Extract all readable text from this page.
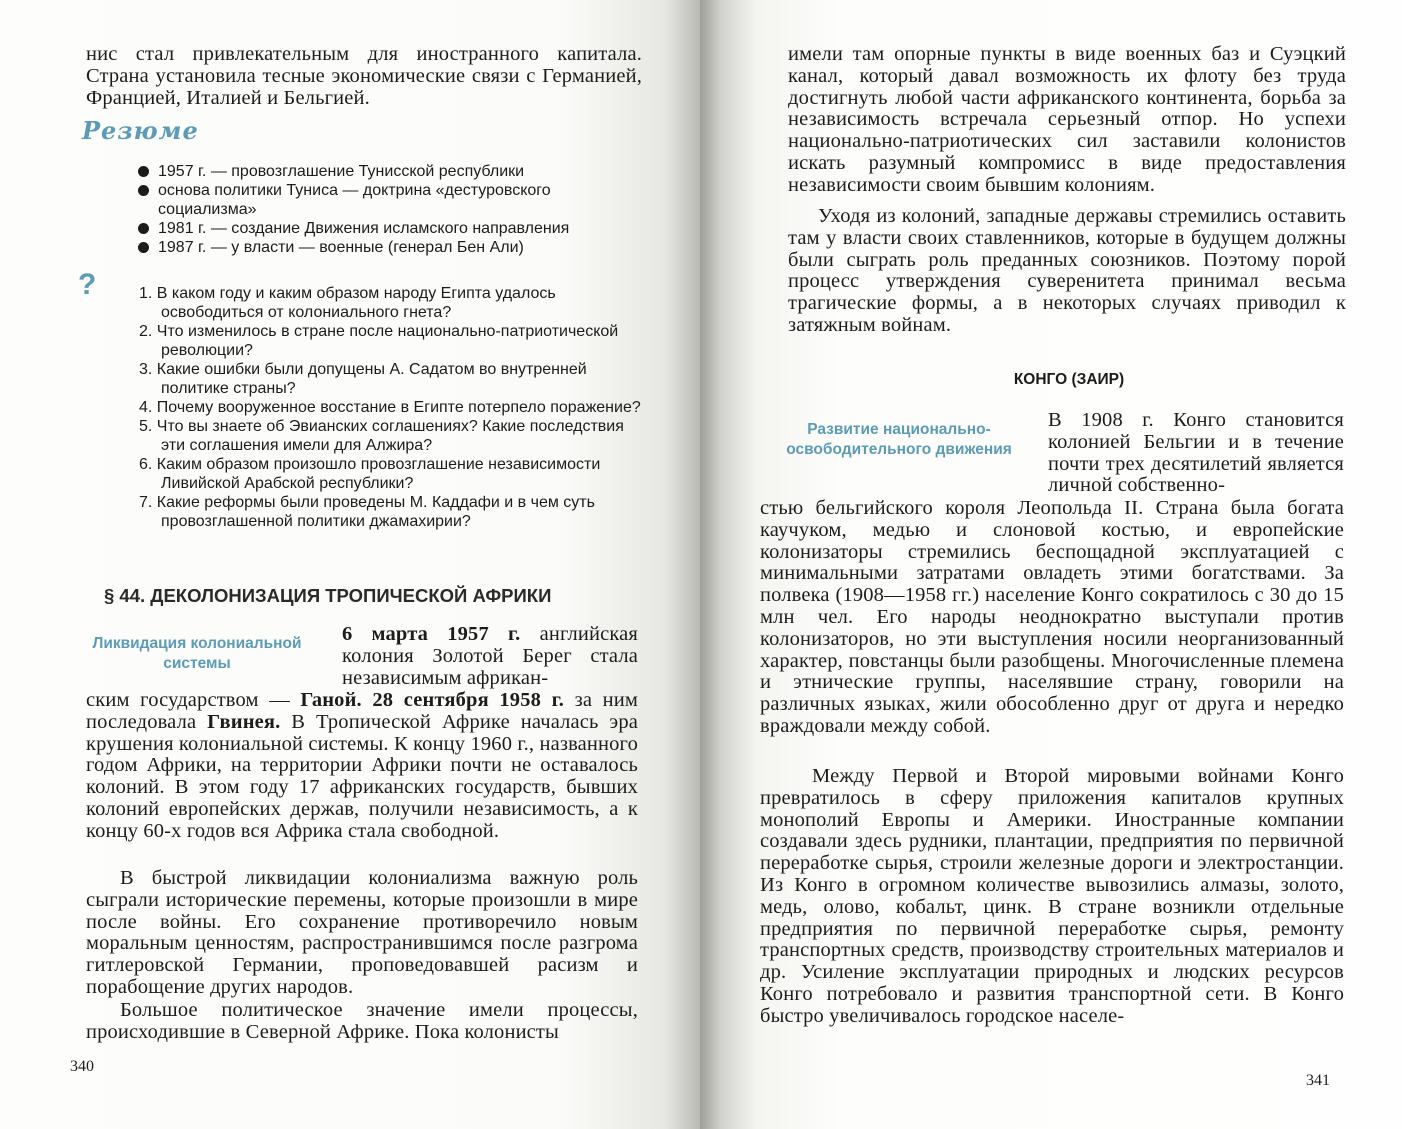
нис стал привлекательным для иностранного капитала. Страна установила тесные экономические связи с Германией, Францией, Италией и Бельгией.
Резюме
1957 г. — провозглашение Тунисской республики
основа политики Туниса — доктрина «дестуровского социализма»
1981 г. — создание Движения исламского направления
1987 г. — у власти — военные (генерал Бен Али)
?	1. В каком году и каким образом народу Египта удалось освободиться от колониального гнета?
2. Что изменилось в стране после национально-патриотической революции?
3. Какие ошибки были допущены А. Садатом во внутренней политике страны?
4. Почему вооруженное восстание в Египте потерпело поражение?
5. Что вы знаете об Эвианских соглашениях? Какие последствия эти соглашения имели для Алжира?
6. Каким образом произошло провозглашение независимости Ливийской Арабской республики?
7. Какие реформы были проведены М. Каддафи и в чем суть провозглашенной политики джамахирии?
§ 44. ДЕКОЛОНИЗАЦИЯ ТРОПИЧЕСКОЙ АФРИКИ
Ликвидация колониальной системы
6 марта 1957 г. английская колония Золотой Берег стала независимым африкан-
ским государством — Ганой. 28 сентября 1958 г. за ним последовала Гвинея. В Тропической Африке началась эра крушения колониальной системы. К концу 1960 г., названного годом Африки, на территории Африки почти не оставалось колоний. В этом году 17 африканских государств, бывших колоний европейских держав, получили независимость, а к концу 60-х годов вся Африка стала свободной.
В быстрой ликвидации колониализма важную роль сыграли исторические перемены, которые произошли в мире после войны. Его сохранение противоречило новым моральным ценностям, распространившимся после разгрома гитлеровской Германии, проповедовавшей расизм и порабощение других народов.
Большое политическое значение имели процессы, происходившие в Северной Африке. Пока колонисты
340
имели там опорные пункты в виде военных баз и Суэцкий канал, который давал возможность их флоту без труда достигнуть любой части африканского континента, борьба за независимость встречала серьезный отпор. Но успехи национально-патриотических сил заставили колонистов искать разумный компромисс в виде предоставления независимости своим бывшим колониям.
Уходя из колоний, западные державы стремились оставить там у власти своих ставленников, которые в будущем должны были сыграть роль преданных союзников. Поэтому порой процесс утверждения суверенитета принимал весьма трагические формы, а в некоторых случаях приводил к затяжным войнам.
КОНГО (ЗАИР)
Развитие национально-освободительного движения
В 1908 г. Конго становится колонией Бельгии и в течение почти трех десятилетий является личной собственно-
стью бельгийского короля Леопольда II. Страна была богата каучуком, медью и слоновой костью, и европейские колонизаторы стремились беспощадной эксплуатацией с минимальными затратами овладеть этими богатствами. За полвека (1908—1958 гг.) население Конго сократилось с 30 до 15 млн чел. Его народы неоднократно выступали против колонизаторов, но эти выступления носили неорганизованный характер, повстанцы были разобщены. Многочисленные племена и этнические группы, населявшие страну, говорили на различных языках, жили обособленно друг от друга и нередко враждовали между собой.
Между Первой и Второй мировыми войнами Конго превратилось в сферу приложения капиталов крупных монополий Европы и Америки. Иностранные компании создавали здесь рудники, плантации, предприятия по первичной переработке сырья, строили железные дороги и электростанции. Из Конго в огромном количестве вывозились алмазы, золото, медь, олово, кобальт, цинк. В стране возникли отдельные предприятия по первичной переработке сырья, ремонту транспортных средств, производству строительных материалов и др. Усиление эксплуатации природных и людских ресурсов Конго потребовало и развития транспортной сети. В Конго быстро увеличивалось городское населе-
341
